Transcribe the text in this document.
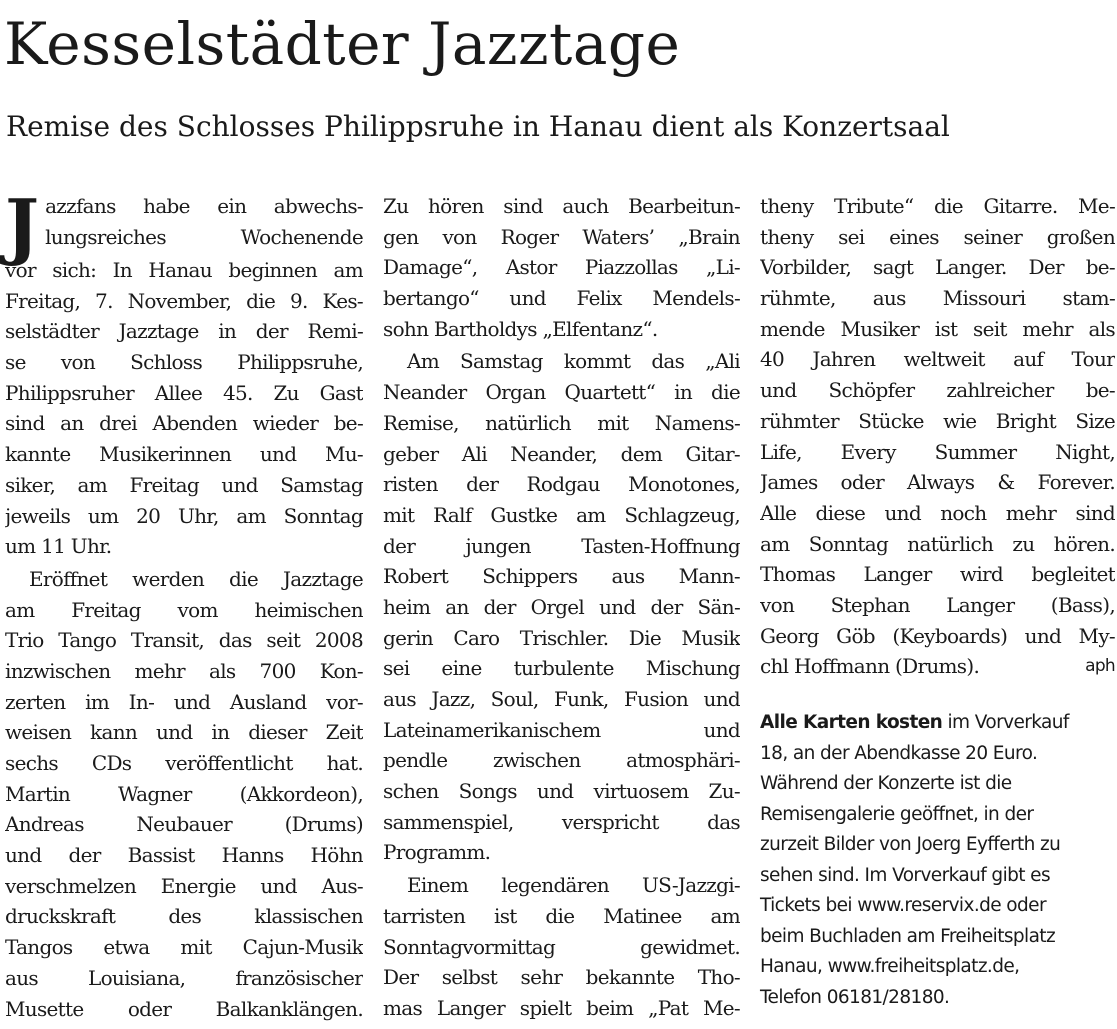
Kesselstädter Jazztage
Remise des Schlosses Philippsruhe in Hanau dient als Konzertsaal
J azzfans habe ein abwechs-
lungsreiches Wochenende
vor sich: In Hanau beginnen am
Freitag, 7. November, die 9. Kes-
selstädter Jazztage in der Remi-
se von Schloss Philippsruhe,
Philippsruher Allee 45. Zu Gast
sind an drei Abenden wieder be-
kannte Musikerinnen und Mu-
siker, am Freitag und Samstag
jeweils um 20 Uhr, am Sonntag
um 11 Uhr.
Eröffnet werden die Jazztage
am Freitag vom heimischen
Trio Tango Transit, das seit 2008
inzwischen mehr als 700 Kon-
zerten im In- und Ausland vor-
weisen kann und in dieser Zeit
sechs CDs veröffentlicht hat.
Martin Wagner (Akkordeon),
Andreas Neubauer (Drums)
und der Bassist Hanns Höhn
verschmelzen Energie und Aus-
druckskraft des klassischen
Tangos etwa mit Cajun-Musik
aus Louisiana, französischer
Musette oder Balkanklängen.
Zu hören sind auch Bearbeitun-
gen von Roger Waters’ „Brain
Damage“, Astor Piazzollas „Li-
bertango“ und Felix Mendels-
sohn Bartholdys „Elfentanz“.
Am Samstag kommt das „Ali
Neander Organ Quartett“ in die
Remise, natürlich mit Namens-
geber Ali Neander, dem Gitar-
risten der Rodgau Monotones,
mit Ralf Gustke am Schlagzeug,
der jungen Tasten-Hoffnung
Robert Schippers aus Mann-
heim an der Orgel und der Sän-
gerin Caro Trischler. Die Musik
sei eine turbulente Mischung
aus Jazz, Soul, Funk, Fusion und
Lateinamerikanischem und
pendle zwischen atmosphäri-
schen Songs und virtuosem Zu-
sammenspiel, verspricht das
Programm.
Einem legendären US-Jazzgi-
tarristen ist die Matinee am
Sonntagvormittag gewidmet.
Der selbst sehr bekannte Tho-
mas Langer spielt beim „Pat Me-
theny Tribute“ die Gitarre. Me-
theny sei eines seiner großen
Vorbilder, sagt Langer. Der be-
rühmte, aus Missouri stam-
mende Musiker ist seit mehr als
40 Jahren weltweit auf Tour
und Schöpfer zahlreicher be-
rühmter Stücke wie Bright Size
Life, Every Summer Night,
James oder Always & Forever.
Alle diese und noch mehr sind
am Sonntag natürlich zu hören.
Thomas Langer wird begleitet
von Stephan Langer (Bass),
Georg Göb (Keyboards) und My-
chl Hoffmann (Drums).	aph
Alle Karten kosten im Vorverkauf
18, an der Abendkasse 20 Euro.
Während der Konzerte ist die
Remisengalerie geöffnet, in der
zurzeit Bilder von Joerg Eyfferth zu
sehen sind. Im Vorverkauf gibt es
Tickets bei www.reservix.de oder
beim Buchladen am Freiheitsplatz
Hanau, www.freiheitsplatz.de,
Telefon 06181/28180.
